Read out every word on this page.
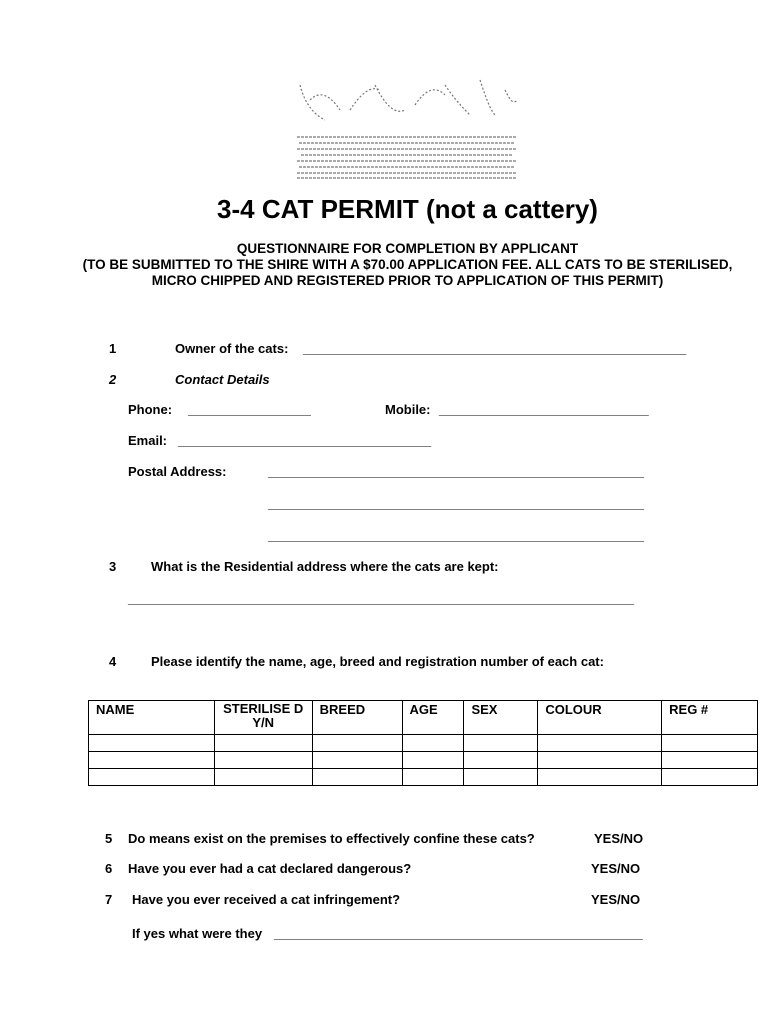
3-4 CAT PERMIT (not a cattery)
QUESTIONNAIRE FOR COMPLETION BY APPLICANT
(TO BE SUBMITTED TO THE SHIRE WITH A $70.00 APPLICATION FEE. ALL CATS TO BE STERILISED, MICRO CHIPPED AND REGISTERED PRIOR TO APPLICATION OF THIS PERMIT)
1	Owner of the cats: _____________________________________________________
2	Contact Details
Phone: _________________	Mobile: _____________________________
Email: ___________________________________
Postal Address:	____________________________________________________
____________________________________________________
____________________________________________________
3	What is the Residential address where the cats are kept:
______________________________________________________________________
4	Please identify the name, age, breed and registration number of each cat:
NAME	STERILISE D Y/N	BREED	AGE	SEX	COLOUR	REG #

5 Do means exist on the premises to effectively confine these cats?	YES/NO
6 Have you ever had a cat declared dangerous?	YES/NO
7 Have you ever received a cat infringement?	YES/NO
If yes what were they ___________________________________________________
